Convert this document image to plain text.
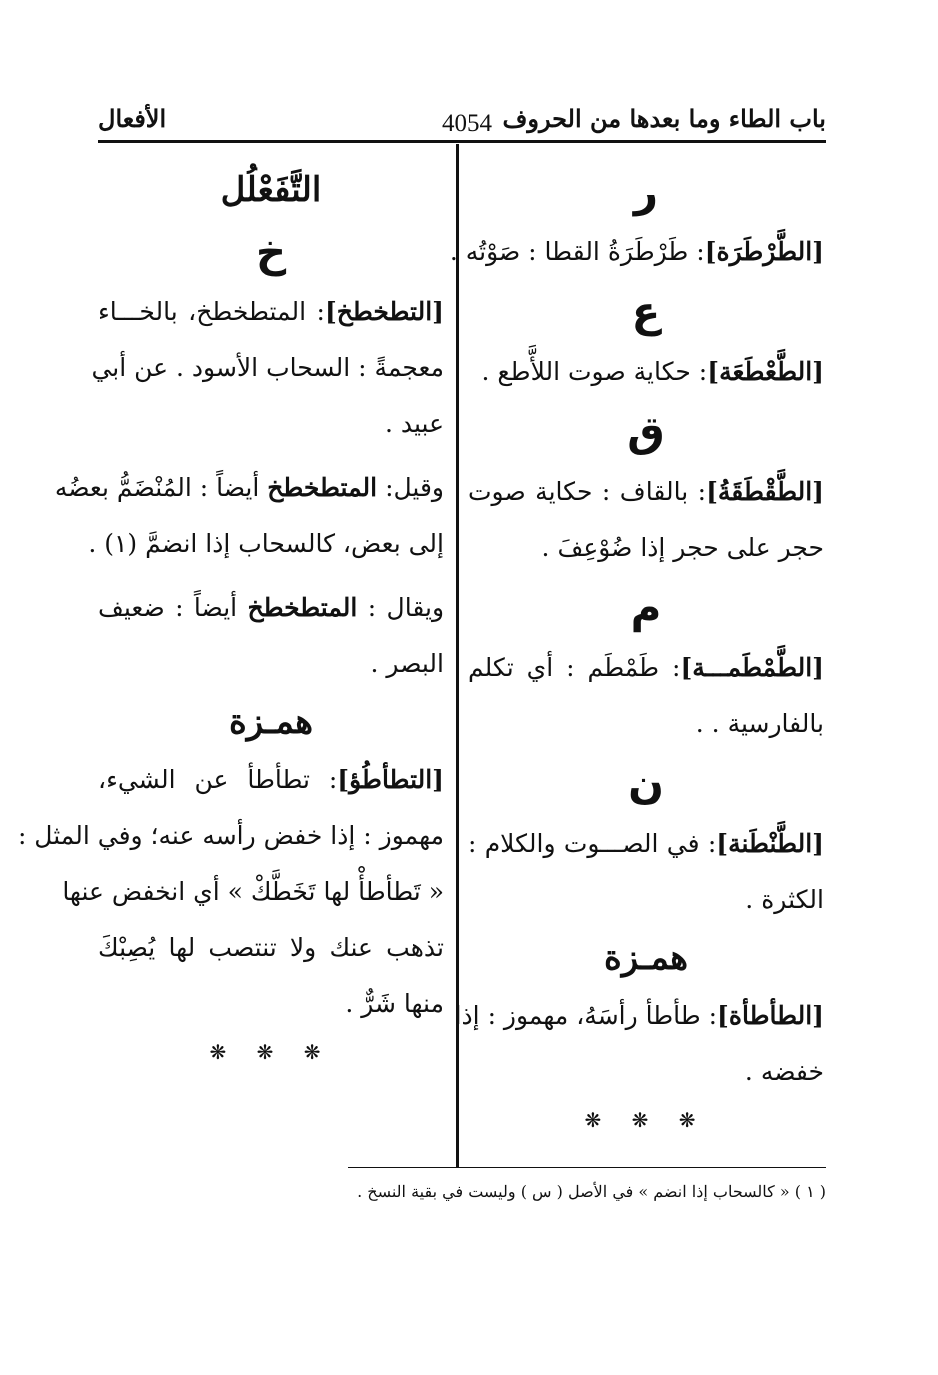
باب الطاء وما بعدها من الحروف
4054
الأفعال
ر
[الطَّرْطَرَة]: طَرْطَرَةُ القطا : صَوْتُه .
ع
[الطَّعْطَعَة]: حكاية صوت اللأَّطع .
ق
[الطَّقْطَقَةُ]: بالقاف : حكاية صوت
حجر على حجر إذا ضُوْعِفَ .
م
[الطَّمْطَمـــة]: طَمْطَم : أي تكلم
بالفارسية . .
ن
[الطَّنْطَنة]: في الصـــوت والكلام :
الكثرة .
همـزة
[الطأطأة]: طأطأ رأسَهُ، مهموز : إذا
خفضه .
❋ ❋ ❋
التَّفَعْلُل
خ
[التطخطخ]: المتطخطخ، بالخـــاء
معجمةً : السحاب الأسود . عن أبي
عبيد .
وقيل: المتطخطخ أيضاً : المُنْضَمُّ بعضُه
إلى بعض، كالسحاب إذا انضمَّ (١) .
ويقال : المتطخطخ أيضاً : ضعيف
البصر .
همـزة
[التطأطُؤ]: تطأطأ عن الشيء،
مهموز : إذا خفض رأسه عنه؛ وفي المثل :
« تَطأطأْ لها تَخَطَّكْ » أي انخفض عنها
تذهب عنك ولا تنتصب لها يُصِبْكَ
منها شَرٌّ .
❋ ❋ ❋
( ١ ) « كالسحاب إذا انضم » في الأصل ( س ) وليست في بقية النسخ .
